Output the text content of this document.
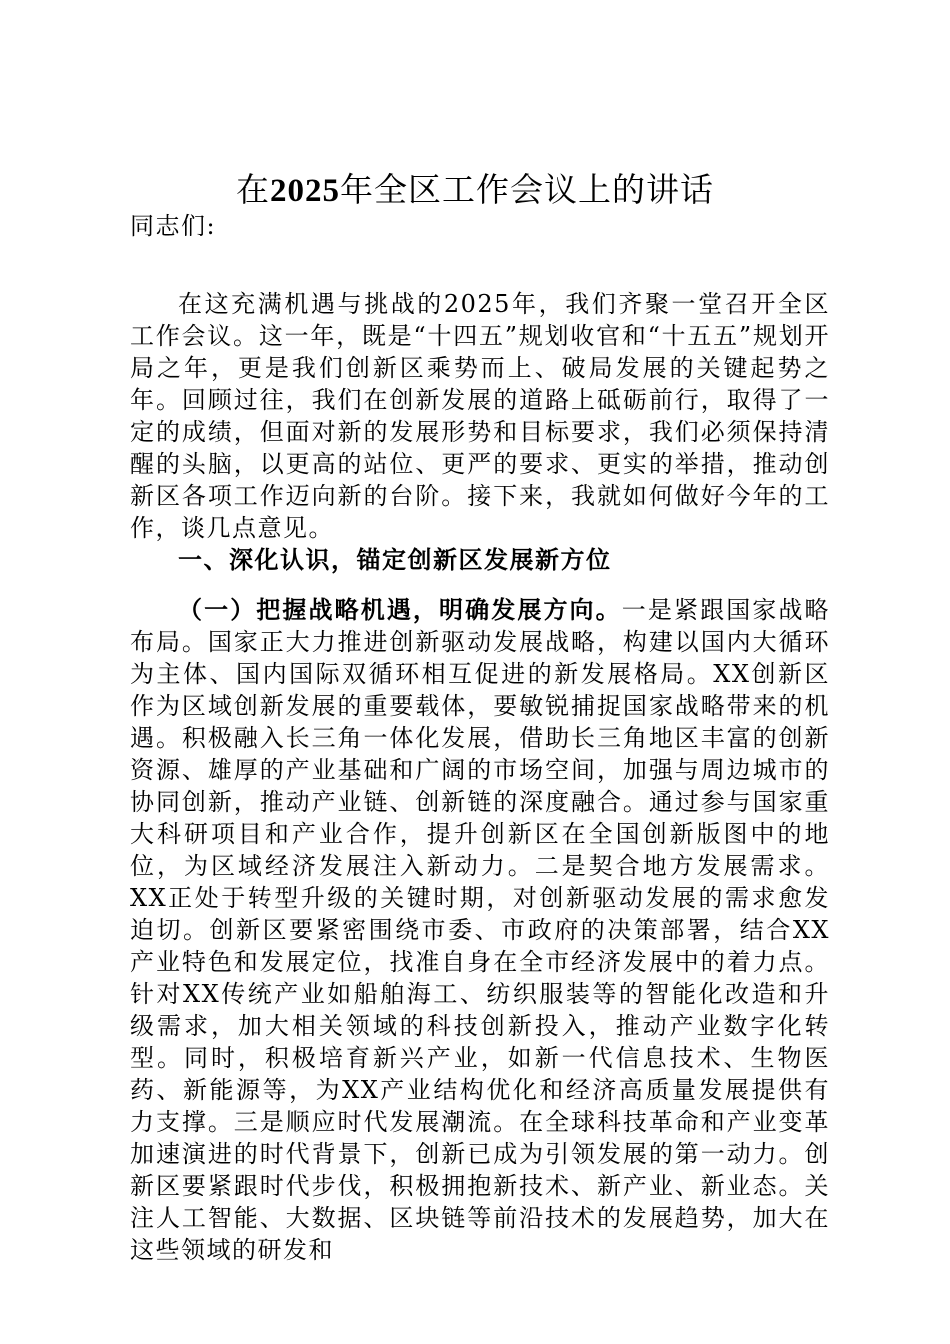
在2025年全区工作会议上的讲话

同志们:

在这充满机遇与挑战的2025年，我们齐聚一堂召开全区工作会议。这一年，既是“十四五”规划收官和“十五五”规划开局之年，更是我们创新区乘势而上、破局发展的关键起势之年。回顾过往，我们在创新发展的道路上砥砺前行，取得了一定的成绩，但面对新的发展形势和目标要求，我们必须保持清醒的头脑，以更高的站位、更严的要求、更实的举措，推动创新区各项工作迈向新的台阶。接下来，我就如何做好今年的工作，谈几点意见。

一、深化认识，锚定创新区发展新方位

（一）把握战略机遇，明确发展方向。一是紧跟国家战略布局。国家正大力推进创新驱动发展战略，构建以国内大循环为主体、国内国际双循环相互促进的新发展格局。XX创新区作为区域创新发展的重要载体，要敏锐捕捉国家战略带来的机遇。积极融入长三角一体化发展，借助长三角地区丰富的创新资源、雄厚的产业基础和广阔的市场空间，加强与周边城市的协同创新，推动产业链、创新链的深度融合。通过参与国家重大科研项目和产业合作，提升创新区在全国创新版图中的地位，为区域经济发展注入新动力。二是契合地方发展需求。XX正处于转型升级的关键时期，对创新驱动发展的需求愈发迫切。创新区要紧密围绕市委、市政府的决策部署，结合XX产业特色和发展定位，找准自身在全市经济发展中的着力点。针对XX传统产业如船舶海工、纺织服装等的智能化改造和升级需求，加大相关领域的科技创新投入，推动产业数字化转型。同时，积极培育新兴产业，如新一代信息技术、生物医药、新能源等，为XX产业结构优化和经济高质量发展提供有力支撑。三是顺应时代发展潮流。在全球科技革命和产业变革加速演进的时代背景下，创新已成为引领发展的第一动力。创新区要紧跟时代步伐，积极拥抱新技术、新产业、新业态。关注人工智能、大数据、区块链等前沿技术的发展趋势，加大在这些领域的研发和
